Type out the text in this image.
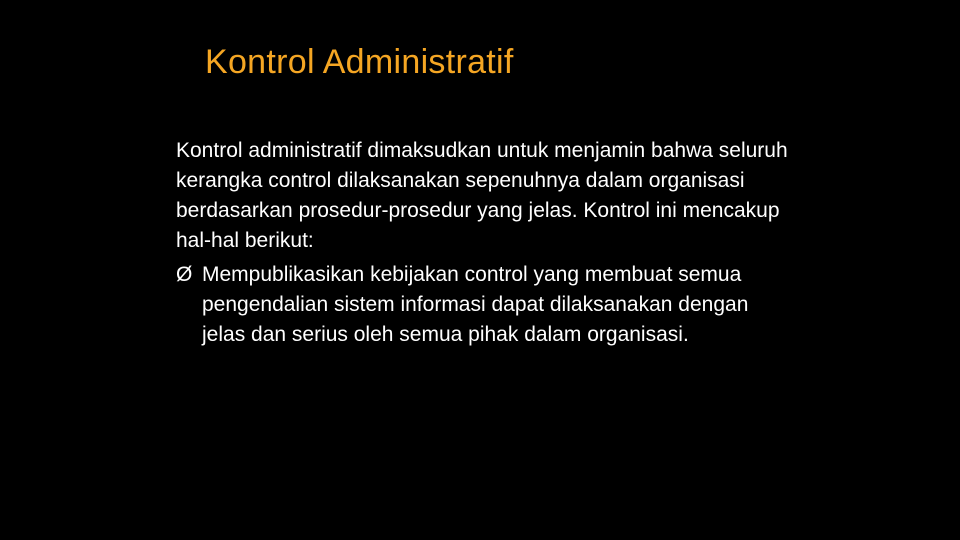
Kontrol Administratif

Kontrol administratif dimaksudkan untuk menjamin bahwa seluruh kerangka control dilaksanakan sepenuhnya dalam organisasi berdasarkan prosedur-prosedur yang jelas. Kontrol ini mencakup hal-hal berikut:

Ø Mempublikasikan kebijakan control yang membuat semua pengendalian sistem informasi dapat dilaksanakan dengan jelas dan serius oleh semua pihak dalam organisasi.
